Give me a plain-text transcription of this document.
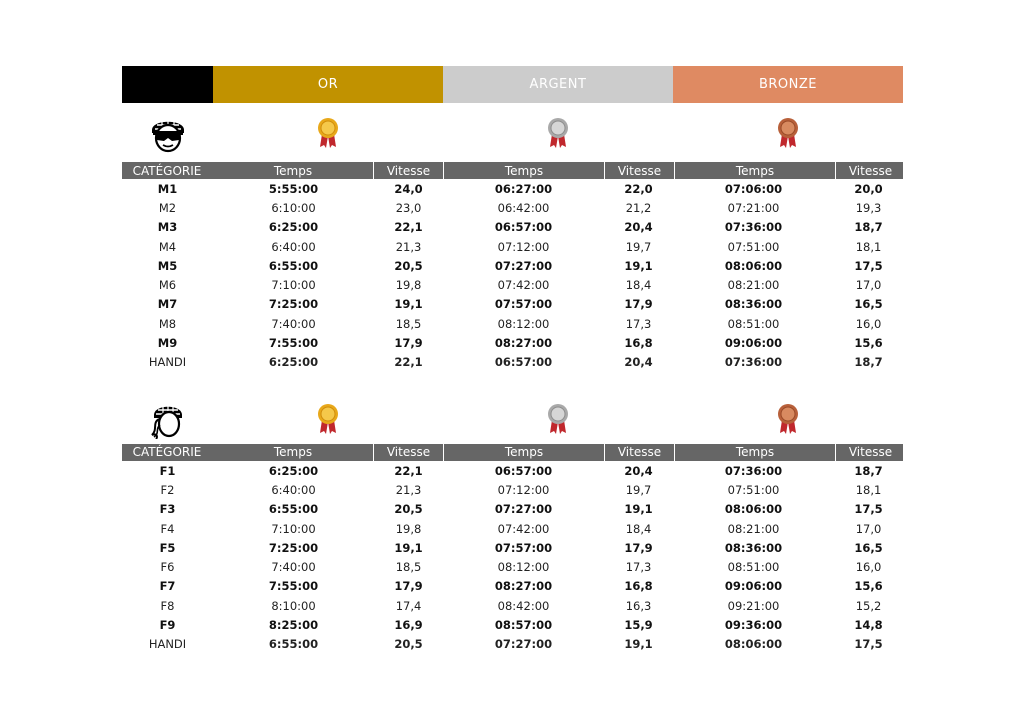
OR	ARGENT	BRONZE
CATÉGORIE	Temps	Vitesse	Temps	Vitesse	Temps	Vitesse
M1	5:55:00	24,0	06:27:00	22,0	07:06:00	20,0
M2	6:10:00	23,0	06:42:00	21,2	07:21:00	19,3
M3	6:25:00	22,1	06:57:00	20,4	07:36:00	18,7
M4	6:40:00	21,3	07:12:00	19,7	07:51:00	18,1
M5	6:55:00	20,5	07:27:00	19,1	08:06:00	17,5
M6	7:10:00	19,8	07:42:00	18,4	08:21:00	17,0
M7	7:25:00	19,1	07:57:00	17,9	08:36:00	16,5
M8	7:40:00	18,5	08:12:00	17,3	08:51:00	16,0
M9	7:55:00	17,9	08:27:00	16,8	09:06:00	15,6
HANDI	6:25:00	22,1	06:57:00	20,4	07:36:00	18,7
CATÉGORIE	Temps	Vitesse	Temps	Vitesse	Temps	Vitesse
F1	6:25:00	22,1	06:57:00	20,4	07:36:00	18,7
F2	6:40:00	21,3	07:12:00	19,7	07:51:00	18,1
F3	6:55:00	20,5	07:27:00	19,1	08:06:00	17,5
F4	7:10:00	19,8	07:42:00	18,4	08:21:00	17,0
F5	7:25:00	19,1	07:57:00	17,9	08:36:00	16,5
F6	7:40:00	18,5	08:12:00	17,3	08:51:00	16,0
F7	7:55:00	17,9	08:27:00	16,8	09:06:00	15,6
F8	8:10:00	17,4	08:42:00	16,3	09:21:00	15,2
F9	8:25:00	16,9	08:57:00	15,9	09:36:00	14,8
HANDI	6:55:00	20,5	07:27:00	19,1	08:06:00	17,5
